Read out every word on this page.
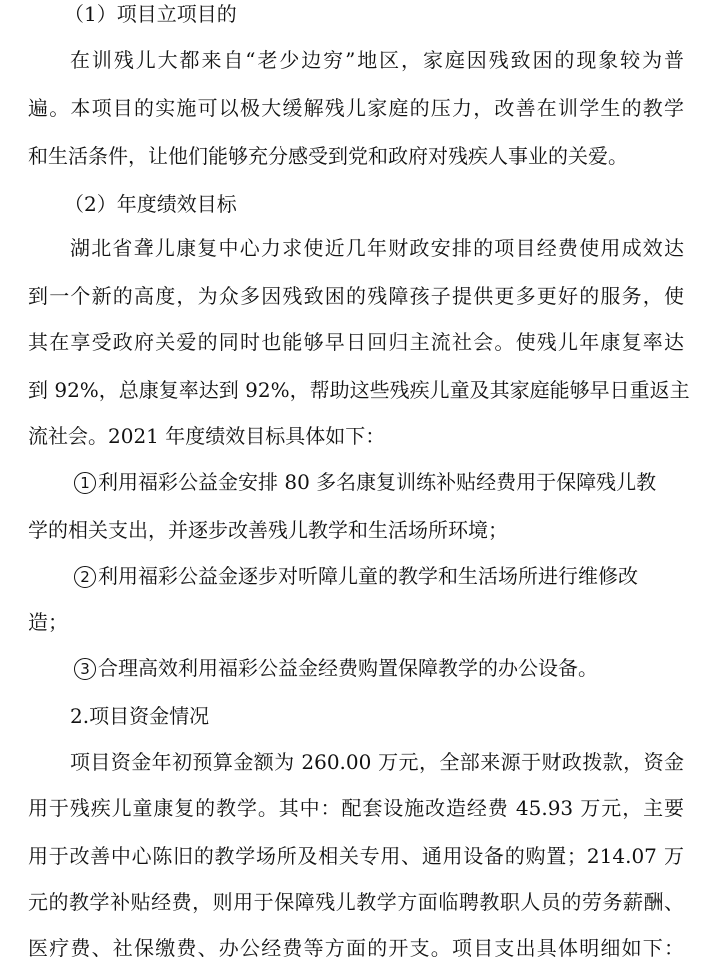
（1）项目立项目的
在训残儿大都来自“老少边穷”地区，家庭因残致困的现象较为普
遍。本项目的实施可以极大缓解残儿家庭的压力，改善在训学生的教学
和生活条件，让他们能够充分感受到党和政府对残疾人事业的关爱。
（2）年度绩效目标
湖北省聋儿康复中心力求使近几年财政安排的项目经费使用成效达
到一个新的高度，为众多因残致困的残障孩子提供更多更好的服务，使
其在享受政府关爱的同时也能够早日回归主流社会。使残儿年康复率达
到 92%，总康复率达到 92%，帮助这些残疾儿童及其家庭能够早日重返主
流社会。2021 年度绩效目标具体如下：
1 利用福彩公益金安排 80 多名康复训练补贴经费用于保障残儿教
学的相关支出，并逐步改善残儿教学和生活场所环境；
2 利用福彩公益金逐步对听障儿童的教学和生活场所进行维修改
造；
3 合理高效利用福彩公益金经费购置保障教学的办公设备。
2.项目资金情况
项目资金年初预算金额为 260.00 万元，全部来源于财政拨款，资金
用于残疾儿童康复的教学。其中：配套设施改造经费 45.93 万元，主要
用于改善中心陈旧的教学场所及相关专用、通用设备的购置；214.07 万
元的教学补贴经费，则用于保障残儿教学方面临聘教职人员的劳务薪酬、
医疗费、社保缴费、办公经费等方面的开支。项目支出具体明细如下：
